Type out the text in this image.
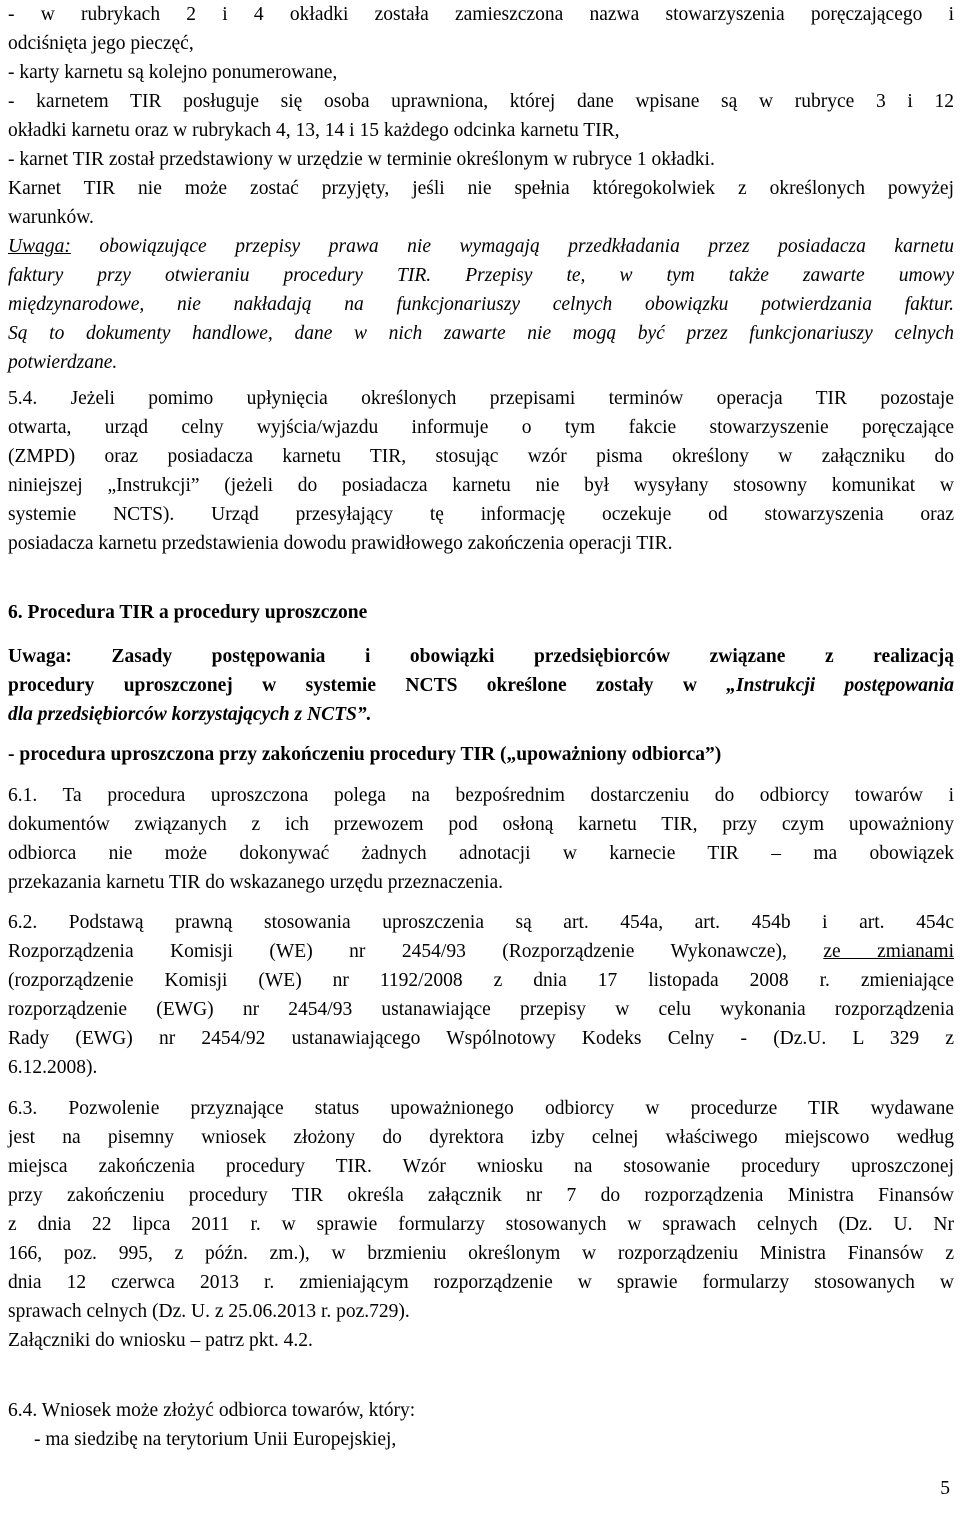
- w rubrykach 2 i 4 okładki została zamieszczona nazwa stowarzyszenia poręczającego i
odciśnięta jego pieczęć,
- karty karnetu są kolejno ponumerowane,
- karnetem TIR posługuje się osoba uprawniona, której dane wpisane są w rubryce 3 i 12
okładki karnetu oraz w rubrykach 4, 13, 14 i 15 każdego odcinka karnetu TIR,
- karnet TIR został przedstawiony w urzędzie w terminie określonym w rubryce 1 okładki.
Karnet TIR nie może zostać przyjęty, jeśli nie spełnia któregokolwiek z określonych powyżej
warunków.
Uwaga: obowiązujące przepisy prawa nie wymagają przedkładania przez posiadacza karnetu
faktury przy otwieraniu procedury TIR. Przepisy te, w tym także zawarte umowy
międzynarodowe, nie nakładają na funkcjonariuszy celnych obowiązku potwierdzania faktur.
Są to dokumenty handlowe, dane w nich zawarte nie mogą być przez funkcjonariuszy celnych
potwierdzane.
5.4. Jeżeli pomimo upłynięcia określonych przepisami terminów operacja TIR pozostaje
otwarta, urząd celny wyjścia/wjazdu informuje o tym fakcie stowarzyszenie poręczające
(ZMPD) oraz posiadacza karnetu TIR, stosując wzór pisma określony w załączniku do
niniejszej „Instrukcji” (jeżeli do posiadacza karnetu nie był wysyłany stosowny komunikat w
systemie NCTS). Urząd przesyłający tę informację oczekuje od stowarzyszenia oraz
posiadacza karnetu przedstawienia dowodu prawidłowego zakończenia operacji TIR.
6. Procedura TIR a procedury uproszczone
Uwaga: Zasady postępowania i obowiązki przedsiębiorców związane z realizacją
procedury uproszczonej w systemie NCTS określone zostały w „Instrukcji postępowania
dla przedsiębiorców korzystających z NCTS”.
- procedura uproszczona przy zakończeniu procedury TIR („upoważniony odbiorca”)
6.1. Ta procedura uproszczona polega na bezpośrednim dostarczeniu do odbiorcy towarów i
dokumentów związanych z ich przewozem pod osłoną karnetu TIR, przy czym upoważniony
odbiorca nie może dokonywać żadnych adnotacji w karnecie TIR – ma obowiązek
przekazania karnetu TIR do wskazanego urzędu przeznaczenia.
6.2. Podstawą prawną stosowania uproszczenia są art. 454a, art. 454b i art. 454c
Rozporządzenia Komisji (WE) nr 2454/93 (Rozporządzenie Wykonawcze), ze zmianami
(rozporządzenie Komisji (WE) nr 1192/2008 z dnia 17 listopada 2008 r. zmieniające
rozporządzenie (EWG) nr 2454/93 ustanawiające przepisy w celu wykonania rozporządzenia
Rady (EWG) nr 2454/92 ustanawiającego Wspólnotowy Kodeks Celny - (Dz.U. L 329 z
6.12.2008).
6.3. Pozwolenie przyznające status upoważnionego odbiorcy w procedurze TIR wydawane
jest na pisemny wniosek złożony do dyrektora izby celnej właściwego miejscowo według
miejsca zakończenia procedury TIR. Wzór wniosku na stosowanie procedury uproszczonej
przy zakończeniu procedury TIR określa załącznik nr 7 do rozporządzenia Ministra Finansów
z dnia 22 lipca 2011 r. w sprawie formularzy stosowanych w sprawach celnych (Dz. U. Nr
166, poz. 995, z późn. zm.), w brzmieniu określonym w rozporządzeniu Ministra Finansów z
dnia 12 czerwca 2013 r. zmieniającym rozporządzenie w sprawie formularzy stosowanych w
sprawach celnych (Dz. U. z 25.06.2013 r. poz.729).
Załączniki do wniosku – patrz pkt. 4.2.
6.4. Wniosek może złożyć odbiorca towarów, który:
- ma siedzibę na terytorium Unii Europejskiej,
5
